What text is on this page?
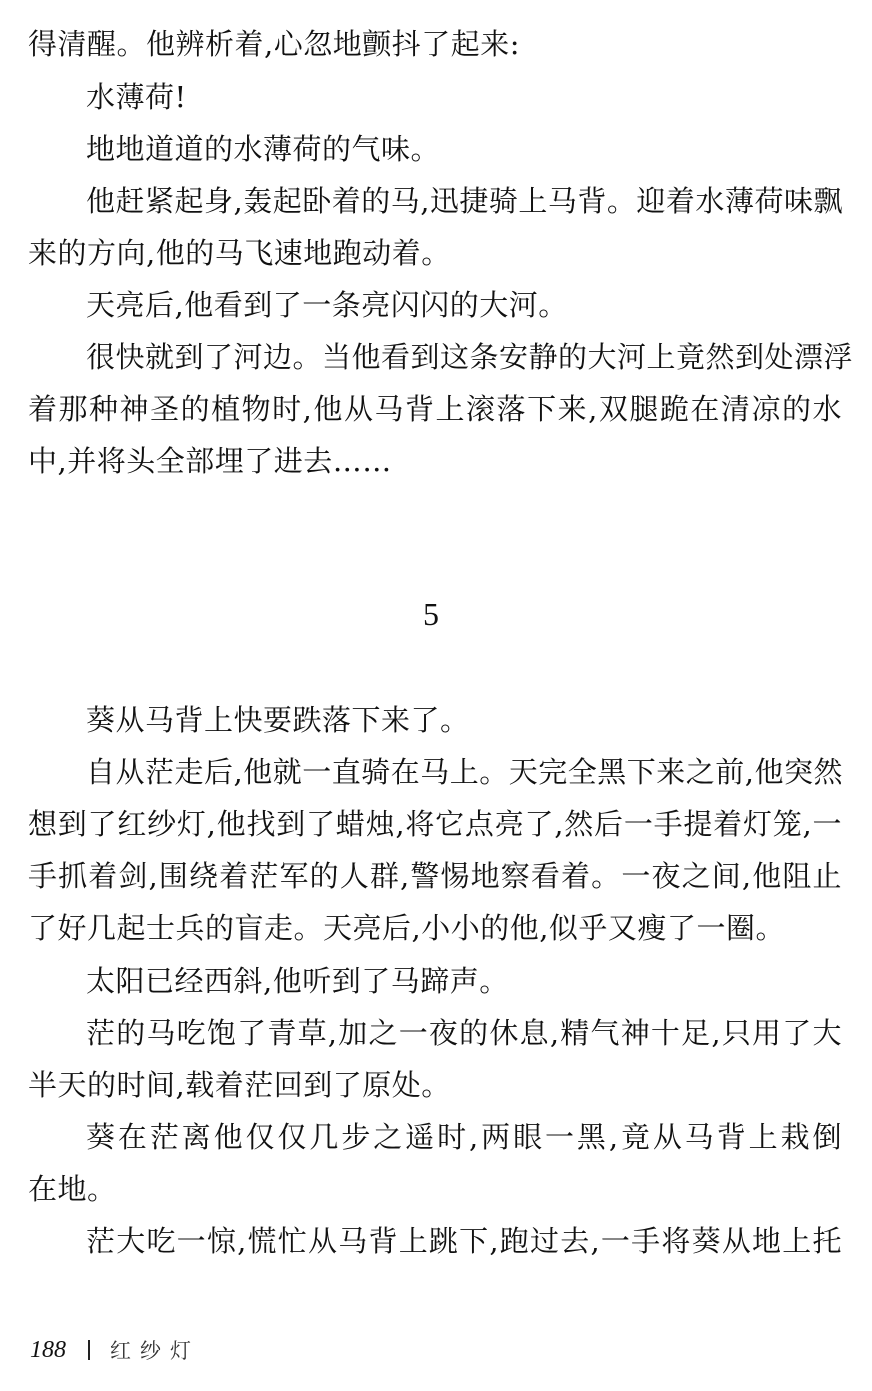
得清醒。他辨析着,心忽地颤抖了起来:
水薄荷!
地地道道的水薄荷的气味。
他赶紧起身,轰起卧着的马,迅捷骑上马背。迎着水薄荷味飘
来的方向,他的马飞速地跑动着。
天亮后,他看到了一条亮闪闪的大河。
很快就到了河边。当他看到这条安静的大河上竟然到处漂浮
着那种神圣的植物时,他从马背上滚落下来,双腿跪在清凉的水
中,并将头全部埋了进去……
5
葵从马背上快要跌落下来了。
自从茫走后,他就一直骑在马上。天完全黑下来之前,他突然
想到了红纱灯,他找到了蜡烛,将它点亮了,然后一手提着灯笼,一
手抓着剑,围绕着茫军的人群,警惕地察看着。一夜之间,他阻止
了好几起士兵的盲走。天亮后,小小的他,似乎又瘦了一圈。
太阳已经西斜,他听到了马蹄声。
茫的马吃饱了青草,加之一夜的休息,精气神十足,只用了大
半天的时间,载着茫回到了原处。
葵在茫离他仅仅几步之遥时,两眼一黑,竟从马背上栽倒
在地。
茫大吃一惊,慌忙从马背上跳下,跑过去,一手将葵从地上托
188 红纱灯
